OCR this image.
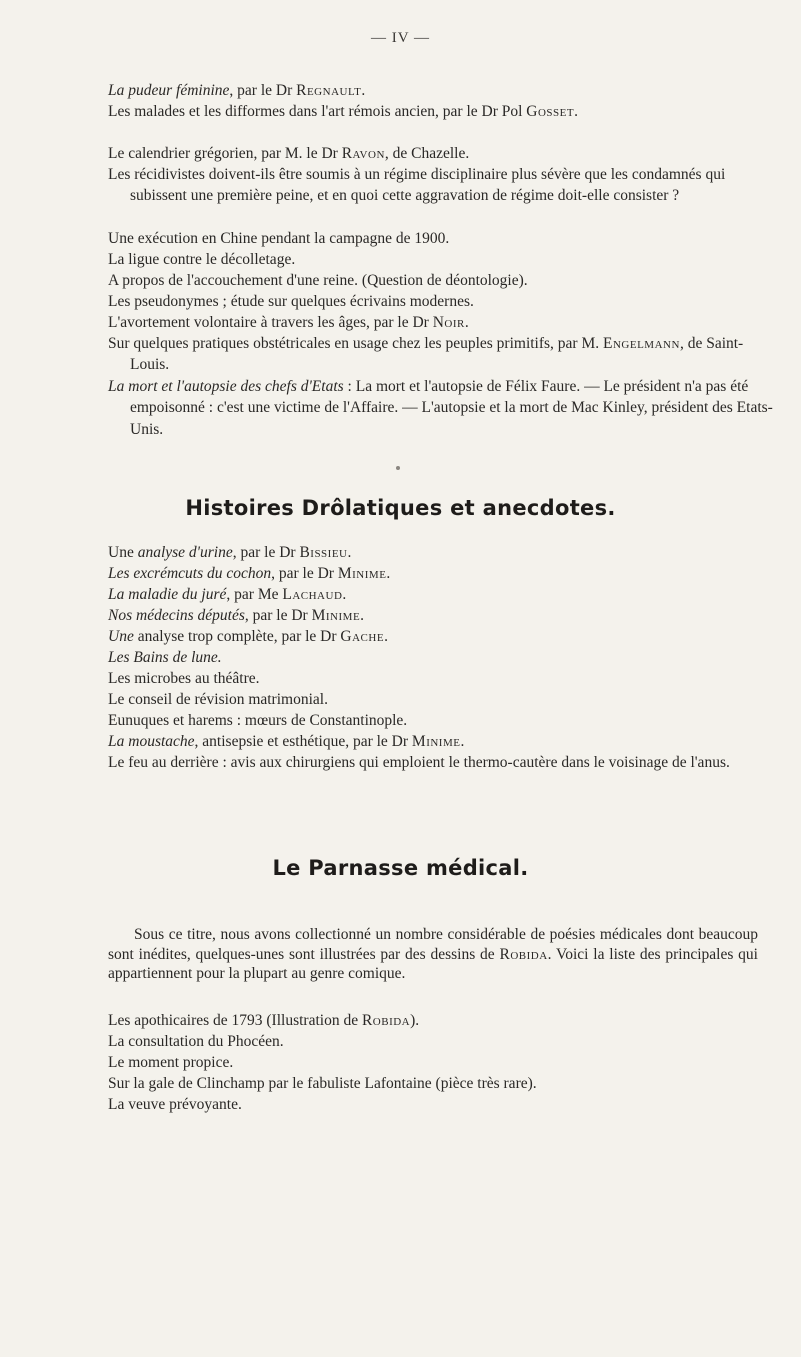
— IV —

La pudeur féminine, par le Dr Regnault.

Les malades et les difformes dans l'art rémois ancien, par le Dr Pol Gosset.

Le calendrier grégorien, par M. le Dr Ravon, de Chazelle.

Les récidivistes doivent-ils être soumis à un régime disciplinaire plus sévère que les condamnés qui subissent une première peine, et en quoi cette aggravation de régime doit-elle consister ?

Une exécution en Chine pendant la campagne de 1900.

La ligue contre le décolletage.

A propos de l'accouchement d'une reine. (Question de déontologie).

Les pseudonymes ; étude sur quelques écrivains modernes.

L'avortement volontaire à travers les âges, par le Dr Noir.

Sur quelques pratiques obstétricales en usage chez les peuples primitifs, par M. Engelmann, de Saint-Louis.

La mort et l'autopsie des chefs d'Etats : La mort et l'autopsie de Félix Faure. — Le président n'a pas été empoisonné : c'est une victime de l'Affaire. — L'autopsie et la mort de Mac Kinley, président des Etats-Unis.

Histoires Drôlatiques et anecdotes.

Une analyse d'urine, par le Dr Bissieu.

Les excrémcuts du cochon, par le Dr Minime.

La maladie du juré, par Me Lachaud.

Nos médecins députés, par le Dr Minime.

Une analyse trop complète, par le Dr Gache.

Les Bains de lune.

Les microbes au théâtre.

Le conseil de révision matrimonial.

Eunuques et harems : mœurs de Constantinople.

La moustache, antisepsie et esthétique, par le Dr Minime.

Le feu au derrière : avis aux chirurgiens qui emploient le thermo-cautère dans le voisinage de l'anus.

Le Parnasse médical.

Sous ce titre, nous avons collectionné un nombre considérable de poésies médicales dont beaucoup sont inédites, quelques-unes sont illustrées par des dessins de Robida. Voici la liste des principales qui appartiennent pour la plupart au genre comique.

Les apothicaires de 1793 (Illustration de Robida).

La consultation du Phocéen.

Le moment propice.

Sur la gale de Clinchamp par le fabuliste Lafontaine (pièce très rare).

La veuve prévoyante.
